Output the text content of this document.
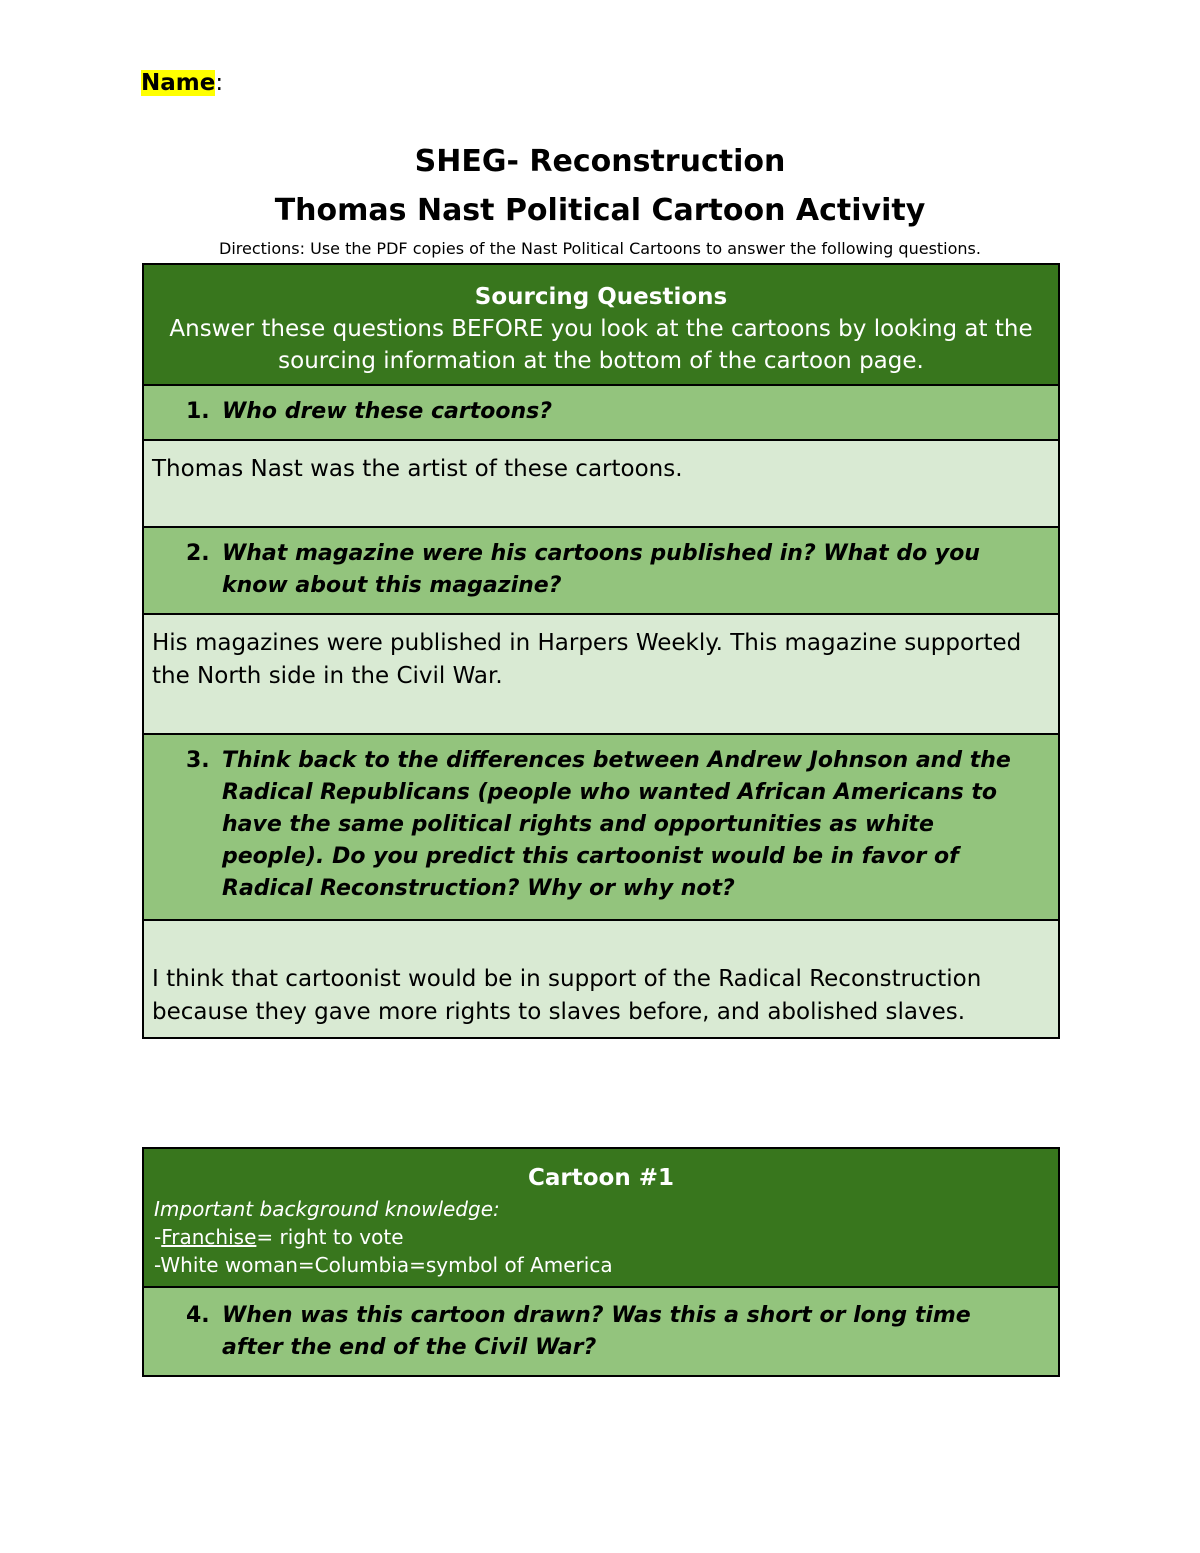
Name:
SHEG- Reconstruction
Thomas Nast Political Cartoon Activity
Directions: Use the PDF copies of the Nast Political Cartoons to answer the following questions.
Sourcing Questions
Answer these questions BEFORE you look at the cartoons by looking at the sourcing information at the bottom of the cartoon page.
1. Who drew these cartoons?
Thomas Nast was the artist of these cartoons.
2. What magazine were his cartoons published in? What do you know about this magazine?
His magazines were published in Harpers Weekly. This magazine supported the North side in the Civil War.
3. Think back to the differences between Andrew Johnson and the Radical Republicans (people who wanted African Americans to have the same political rights and opportunities as white people). Do you predict this cartoonist would be in favor of Radical Reconstruction? Why or why not?
I think that cartoonist would be in support of the Radical Reconstruction because they gave more rights to slaves before, and abolished slaves.
Cartoon #1
Important background knowledge:
-Franchise= right to vote
-White woman=Columbia=symbol of America
4. When was this cartoon drawn? Was this a short or long time after the end of the Civil War?
